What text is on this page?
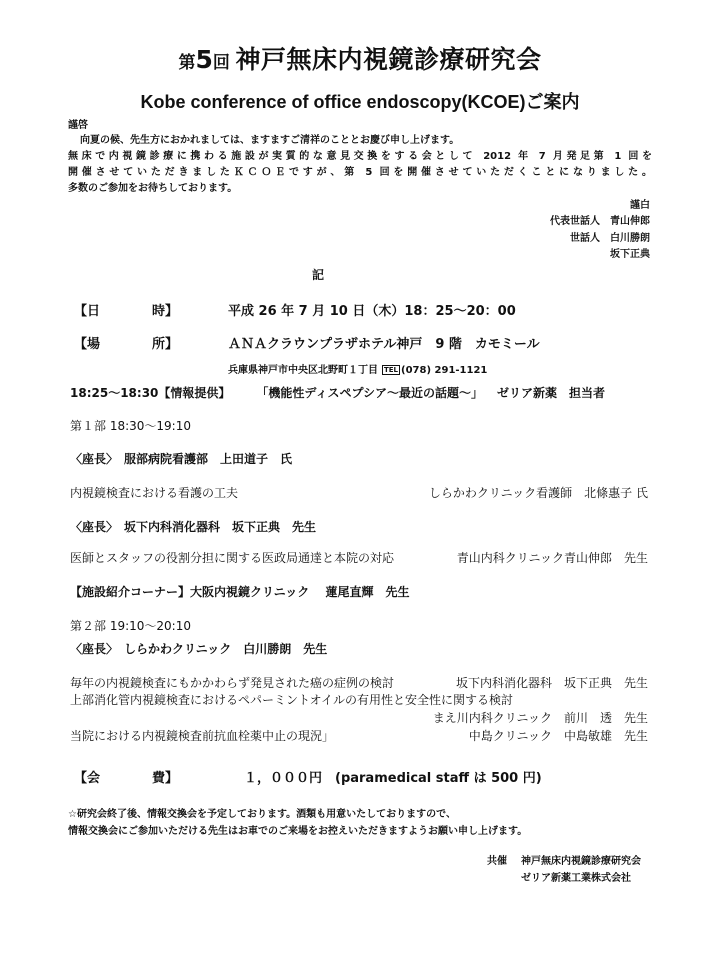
第5回 神戸無床内視鏡診療研究会
Kobe conference of office endoscopy(KCOE)ご案内
謹啓
向夏の候、先生方におかれましては、ますますご清祥のこととお慶び申し上げます。
無床で内視鏡診療に携わる施設が実質的な意見交換をする会として 2012 年 7 月発足第 1 回を
開催させていただきましたＫＣＯＥですが、第 5 回を開催させていただくことになりました。
多数のご参加をお待ちしております。
謹白
代表世話人　青山伸郎
世話人　白川勝朗
坂下正典
記
【日　　　　時】	平成 26 年 7 月 10 日（木）18：25〜20：00
【場　　　　所】	ＡＮＡクラウンプラザホテル神戸　9 階　カモミール
兵庫県神戸市中央区北野町１丁目 TEL (078) 291-1121
18:25〜18:30【情報提供】 「機能性ディスペプシア〜最近の話題〜」 ゼリア新薬　担当者
第１部 18:30〜19:10
〈座長〉　服部病院看護部　上田道子　氏
内視鏡検査における看護の工夫	しらかわクリニック看護師　北條惠子 氏
〈座長〉　坂下内科消化器科　坂下正典　先生
医師とスタッフの役割分担に関する医政局通達と本院の対応	青山内科クリニック青山伸郎　先生
【施設紹介コーナー】大阪内視鏡クリニック　 蓮尾直輝　先生
第２部 19:10〜20:10
〈座長〉　しらかわクリニック　白川勝朗　先生
毎年の内視鏡検査にもかかわらず発見された癌の症例の検討	坂下内科消化器科　坂下正典　先生
上部消化管内視鏡検査におけるペパーミントオイルの有用性と安全性に関する検討
まえ川内科クリニック　前川　透　先生
当院における内視鏡検査前抗血栓薬中止の現況」	中島クリニック　中島敏雄　先生
【会　　　　費】	１，０００円　(paramedical staff は 500 円)
☆研究会終了後、情報交換会を予定しております。酒類も用意いたしておりますので、
情報交換会にご参加いただける先生はお車でのご来場をお控えいただきますようお願い申し上げます。
共催 神戸無床内視鏡診療研究会
ゼリア新薬工業株式会社
